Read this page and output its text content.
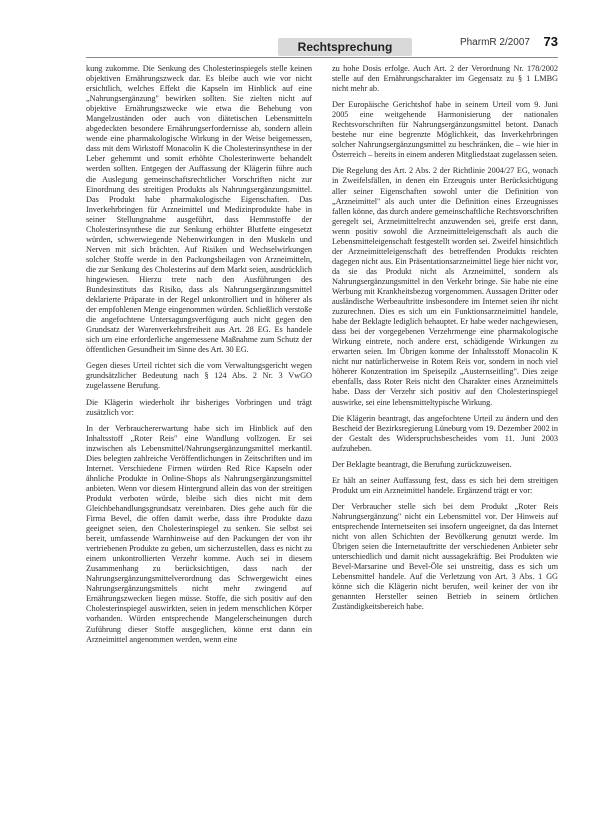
Rechtsprechung	PharmR 2/2007 73

kung zukomme. Die Senkung des Cholesterinspiegels stelle keinen objektiven Ernährungszweck dar. Es bleibe auch wie vor nicht ersichtlich, welches Effekt die Kapseln im Hinblick auf eine „Nahrungsergänzung" bewirken sollten. Sie zielten nicht auf objektive Ernährungszwecke wie etwa die Behebung von Mangelzuständen oder auch von diätetischen Lebensmitteln abgedeckten besondere Ernährungserfordernisse ab, sondern allein wende eine pharmakologische Wirkung in der Weise beigemessen, dass mit dem Wirkstoff Monacolin K die Cholesterinsynthese in der Leber gehemmt und somit erhöhte Cholesterinwerte behandelt werden sollten. Entgegen der Auffassung der Klägerin führe auch die Auslegung gemeinschaftsrechtlicher Vorschriften nicht zur Einordnung des streitigen Produkts als Nahrungsergänzungsmittel. Das Produkt habe pharmakologische Eigenschaften. Das Inverkehrbringen für Arzneimittel und Medizinprodukte habe in seiner Stellungnahme ausgeführt, dass Hemmstoffe der Cholesterinsynthese die zur Senkung erhöhter Blutfette eingesetzt würden, schwerwiegende Nebenwirkungen in den Muskeln und Nerven mit sich brächten. Auf Risiken und Wechselwirkungen solcher Stoffe werde in den Packungsbeilagen von Arzneimitteln, die zur Senkung des Cholesterins auf dem Markt seien, ausdrücklich hingewiesen. Hierzu trete nach den Ausführungen des Bundesinstituts das Risiko, dass als Nahrungsergänzungsmittel deklarierte Präparate in der Regel unkontrolliert und in höherer als der empfohlenen Menge eingenommen würden. Schließlich verstoße die angefochtene Untersagungsverfügung auch nicht gegen den Grundsatz der Warenverkehrsfreiheit aus Art. 28 EG. Es handele sich um eine erforderliche angemessene Maßnahme zum Schutz der öffentlichen Gesundheit im Sinne des Art. 30 EG.

Gegen dieses Urteil richtet sich die vom Verwaltungsgericht wegen grundsätzlicher Bedeutung nach § 124 Abs. 2 Nr. 3 VwGO zugelassene Berufung.

Die Klägerin wiederholt ihr bisheriges Vorbringen und trägt zusätzlich vor:

In der Verbrauchererwartung habe sich im Hinblick auf den Inhaltsstoff „Roter Reis" eine Wandlung vollzogen. Er sei inzwischen als Lebensmittel/Nahrungsergänzungsmittel merkantil. Dies belegten zahlreiche Veröffentlichungen in Zeitschriften und im Internet. Verschiedene Firmen würden Red Rice Kapseln oder ähnliche Produkte in Online-Shops als Nahrungsergänzungsmittel anbieten. Wenn vor diesem Hintergrund allein das von der streitigen Produkt verboten würde, bleibe sich dies nicht mit dem Gleichbehandlungsgrundsatz vereinbaren. Dies gehe auch für die Firma Bevel, die offen damit werbe, dass ihre Produkte dazu geeignet seien, den Cholesterinspiegel zu senken. Sie selbst sei bereit, umfassende Warnhinweise auf den Packungen der von ihr vertriebenen Produkte zu geben, um sicherzustellen, dass es nicht zu einem unkontrollierten Verzehr komme. Auch sei in diesem Zusammenhang zu berücksichtigen, dass nach der Nahrungsergänzungsmittelverordnung das Schwergewicht eines Nahrungsergänzungsmittels nicht mehr zwingend auf Ernährungszwecken liegen müsse. Stoffe, die sich positiv auf den Cholesterinspiegel auswirkten, seien in jedem menschlichen Körper vorhanden. Würden entsprechende Mangelerscheinungen durch Zuführung dieser Stoffe ausgeglichen, könne erst dann ein Arzneimittel angenommen werden, wenn eine

zu hohe Dosis erfolge. Auch Art. 2 der Verordnung Nr. 178/2002 stelle auf den Ernährungscharakter im Gegensatz zu § 1 LMBG nicht mehr ab.

Der Europäische Gerichtshof habe in seinem Urteil vom 9. Juni 2005 eine weitgehende Harmonisierung der nationalen Rechtsvorschriften für Nahrungsergänzungsmittel betont. Danach bestehe nur eine begrenzte Möglichkeit, das Inverkehrbringen solcher Nahrungsergänzungsmittel zu beschränken, die – wie hier in Österreich – bereits in einem anderen Mitgliedstaat zugelassen seien.

Die Regelung des Art. 2 Abs. 2 der Richtlinie 2004/27 EG, wonach in Zweifelsfällen, in denen ein Erzeugnis unter Berücksichtigung aller seiner Eigenschaften sowohl unter die Definition von „Arzneimittel" als auch unter die Definition eines Erzeugnisses fallen könne, das durch andere gemeinschaftliche Rechtsvorschriften geregelt sei, Arzneimittelrecht anzuwenden sei, greife erst dann, wenn positiv sowohl die Arzneimitteleigenschaft als auch die Lebensmitteleigenschaft festgestellt worden sei. Zweifel hinsichtlich der Arzneimitteleigenschaft des betreffenden Produkts reichten dagegen nicht aus. Ein Präsentationsarzneimittel liege hier nicht vor, da sie das Produkt nicht als Arzneimittel, sondern als Nahrungsergänzungsmittel in den Verkehr bringe. Sie habe nie eine Werbung mit Krankheitsbezug vorgenommen. Aussagen Dritter oder ausländische Werbeauftritte insbesondere im Internet seien ihr nicht zuzurechnen. Dies es sich um ein Funktionsarzneimittel handele, habe der Beklagte lediglich behauptet. Er habe weder nachgewiesen, dass bei der vorgegebenen Verzehrmenge eine pharmakologische Wirkung eintrete, noch andere erst, schädigende Wirkungen zu erwarten seien. Im Übrigen komme der Inhaltsstoff Monacolin K nicht nur natürlicherweise in Rotem Reis vor, sondern in noch viel höherer Konzentration im Speisepilz „Austernseitling". Dies zeige ebenfalls, dass Roter Reis nicht den Charakter eines Arzneimittels habe. Dass der Verzehr sich positiv auf den Cholesterinspiegel auswirke, sei eine lebensmitteltypische Wirkung.

Die Klägerin beantragt, das angefochtene Urteil zu ändern und den Bescheid der Bezirksregierung Lüneburg vom 19. Dezember 2002 in der Gestalt des Widerspruchsbescheides vom 11. Juni 2003 aufzuheben.

Der Beklagte beantragt, die Berufung zurückzuweisen.

Er hält an seiner Auffassung fest, dass es sich bei dem streitigen Produkt um ein Arzneimittel handele. Ergänzend trägt er vor:

Der Verbraucher stelle sich bei dem Produkt „Roter Reis Nahrungsergänzung" nicht ein Lebensmittel vor. Der Hinweis auf entsprechende Internetseiten sei insofern ungeeignet, da das Internet nicht von allen Schichten der Bevölkerung genutzt werde. Im Übrigen seien die Internetauftritte der verschiedenen Anbieter sehr unterschiedlich und damit nicht aussagekräftig. Bei Produkten wie Bevel-Marsarine und Bevel-Öle sei unstreitig, dass es sich um Lebensmittel handele. Auf die Verletzung von Art. 3 Abs. 1 GG könne sich die Klägerin nicht berufen, weil keiner der von ihr genannten Hersteller seinen Betrieb in seinem örtlichen Zuständigkeitsbereich habe.
